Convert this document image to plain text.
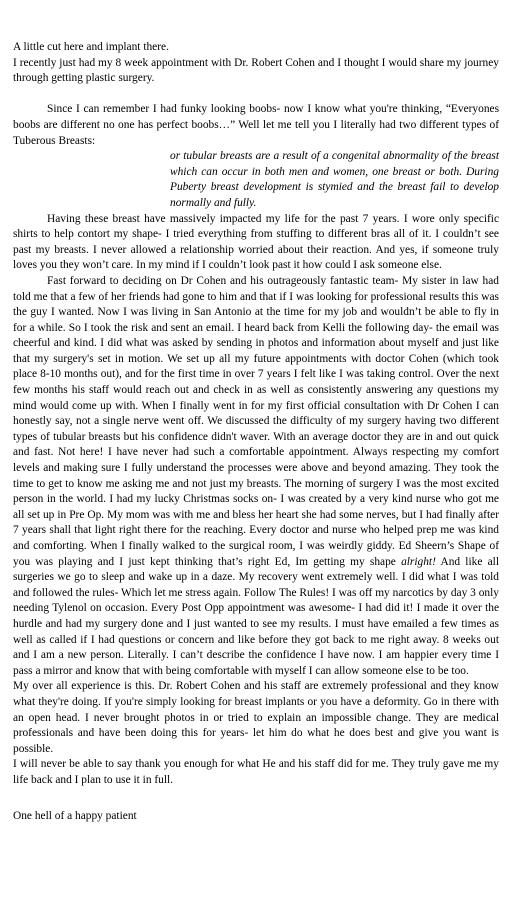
A little cut here and implant there.

I recently just had my 8 week appointment with Dr. Robert Cohen and I thought I would share my journey through getting plastic surgery.

Since I can remember I had funky looking boobs- now I know what you're thinking, “Everyones boobs are different no one has perfect boobs…” Well let me tell you I literally had two different types of Tuberous Breasts:

or tubular breasts are a result of a congenital abnormality of the breast which can occur in both men and women, one breast or both. During Puberty breast development is stymied and the breast fail to develop normally and fully.

Having these breast have massively impacted my life for the past 7 years. I wore only specific shirts to help contort my shape- I tried everything from stuffing to different bras all of it. I couldn’t see past my breasts. I never allowed a relationship worried about their reaction. And yes, if someone truly loves you they won’t care. In my mind if I couldn’t look past it how could I ask someone else.

Fast forward to deciding on Dr Cohen and his outrageously fantastic team- My sister in law had told me that a few of her friends had gone to him and that if I was looking for professional results this was the guy I wanted. Now I was living in San Antonio at the time for my job and wouldn’t be able to fly in for a while. So I took the risk and sent an email. I heard back from Kelli the following day- the email was cheerful and kind. I did what was asked by sending in photos and information about myself and just like that my surgery's set in motion. We set up all my future appointments with doctor Cohen (which took place 8-10 months out), and for the first time in over 7 years I felt like I was taking control. Over the next few months his staff would reach out and check in as well as consistently answering any questions my mind would come up with. When I finally went in for my first official consultation with Dr Cohen I can honestly say, not a single nerve went off. We discussed the difficulty of my surgery having two different types of tubular breasts but his confidence didn't waver. With an average doctor they are in and out quick and fast. Not here! I have never had such a comfortable appointment. Always respecting my comfort levels and making sure I fully understand the processes were above and beyond amazing. They took the time to get to know me asking me and not just my breasts. The morning of surgery I was the most excited person in the world. I had my lucky Christmas socks on- I was created by a very kind nurse who got me all set up in Pre Op. My mom was with me and bless her heart she had some nerves, but I had finally after 7 years shall that light right there for the reaching. Every doctor and nurse who helped prep me was kind and comforting. When I finally walked to the surgical room, I was weirdly giddy. Ed Sheern’s Shape of you was playing and I just kept thinking that’s right Ed, Im getting my shape alright! And like all surgeries we go to sleep and wake up in a daze. My recovery went extremely well. I did what I was told and followed the rules- Which let me stress again. Follow The Rules! I was off my narcotics by day 3 only needing Tylenol on occasion. Every Post Opp appointment was awesome- I had did it! I made it over the hurdle and had my surgery done and I just wanted to see my results. I must have emailed a few times as well as called if I had questions or concern and like before they got back to me right away. 8 weeks out and I am a new person. Literally. I can’t describe the confidence I have now. I am happier every time I pass a mirror and know that with being comfortable with myself I can allow someone else to be too.

My over all experience is this. Dr. Robert Cohen and his staff are extremely professional and they know what they're doing. If you're simply looking for breast implants or you have a deformity. Go in there with an open head. I never brought photos in or tried to explain an impossible change. They are medical professionals and have been doing this for years- let him do what he does best and give you want is possible.

I will never be able to say thank you enough for what He and his staff did for me. They truly gave me my life back and I plan to use it in full.

One hell of a happy patient
